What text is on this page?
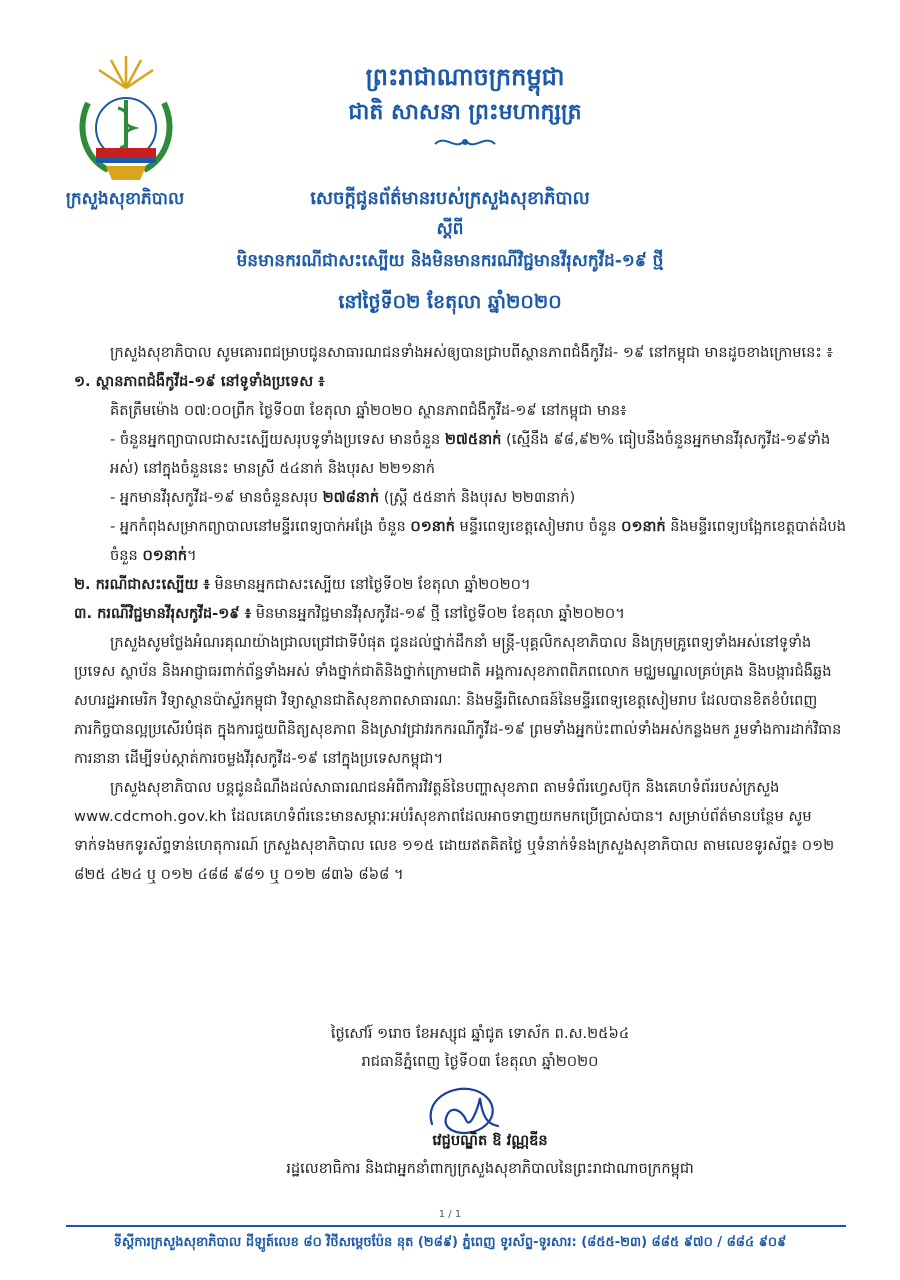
ក្រសួងសុខាភិបាល
ព្រះរាជាណាចក្រកម្ពុជា
ជាតិ សាសនា ព្រះមហាក្សត្រ
សេចក្តីជូនព័ត៌មានរបស់ក្រសួងសុខាភិបាល
ស្តីពី
មិនមានករណីជាសះស្បើយ និងមិនមានករណីវិជ្ជមានវីរុសកូវីដ-១៩ ថ្មី
នៅថ្ងៃទី០២ ខែតុលា ឆ្នាំ២០២០

ក្រសួងសុខាភិបាល សូមគោរពជម្រាបជូនសាធារណជនទាំងអស់ឲ្យបានជ្រាបពីស្ថានភាពជំងឺកូវីដ- ១៩ នៅកម្ពុជា មានដូចខាងក្រោមនេះ ៖

១. ស្ថានភាពជំងឺកូវីដ-១៩ នៅទូទាំងប្រទេស ៖

គិតត្រឹមម៉ោង ០៧:០០ព្រឹក ថ្ងៃទី០៣ ខែតុលា ឆ្នាំ២០២០ ស្ថានភាពជំងឺកូវីដ-១៩ នៅកម្ពុជា មាន៖

- ចំនួនអ្នកព្យាបាលជាសះស្បើយសរុបទូទាំងប្រទេស មានចំនួន ២៧៥នាក់ (ស្មើនឹង ៩៨,៩២% ធៀបនឹងចំនួនអ្នកមានវីរុសកូវីដ-១៩ទាំងអស់) នៅក្នុងចំនួននេះ មានស្រី ៥៤នាក់ និងបុរស ២២១នាក់

- អ្នកមានវីរុសកូវីដ-១៩ មានចំនួនសរុប ២៧៨នាក់ (ស្ត្រី ៥៥នាក់ និងបុរស ២២៣នាក់)

- អ្នកកំពុងសម្រាកព្យាបាលនៅមន្ទីរពេទ្យបាក់អង្រែ ចំនួន ០១នាក់ មន្ទីរពេទ្យខេត្តសៀមរាប ចំនួន ០១នាក់ និងមន្ទីរពេទ្យបង្អែកខេត្តបាត់ដំបង ចំនួន ០១នាក់។

២. ករណីជាសះស្បើយ ៖ មិនមានអ្នកជាសះស្បើយ នៅថ្ងៃទី០២ ខែតុលា ឆ្នាំ២០២០។

៣. ករណីវិជ្ជមានវីរុសកូវីដ-១៩ ៖ មិនមានអ្នកវិជ្ជមានវីរុសកូវីដ-១៩ ថ្មី នៅថ្ងៃទី០២ ខែតុលា ឆ្នាំ២០២០។

ក្រសួងសូមថ្លែងអំណរគុណយ៉ាងជ្រាលជ្រៅជាទីបំផុត ជូនដល់ថ្នាក់ដឹកនាំ មន្ត្រី-បុគ្គលិកសុខាភិបាល និងក្រុមគ្រូពេទ្យទាំងអស់នៅទូទាំងប្រទេស ស្ថាប័ន និងអាជ្ញាធរពាក់ព័ន្ធទាំងអស់ ទាំងថ្នាក់ជាតិនិងថ្នាក់ក្រោមជាតិ អង្គការសុខភាពពិភពលោក មជ្ឈមណ្ឌលគ្រប់គ្រង និងបង្ការជំងឺឆ្លងសហរដ្ឋអាមេរិក វិទ្យាស្ថានប៉ាស្ទ័រកម្ពុជា វិទ្យាស្ថានជាតិសុខភាពសាធារណៈ និងមន្ទីរពិសោធន៍នៃមន្ទីរពេទ្យខេត្តសៀមរាប ដែលបានខិតខំបំពេញភារកិច្ចបានល្អប្រសើរបំផុត ក្នុងការជួយពិនិត្យសុខភាព និងស្រាវជ្រាវរកករណីកូវីដ-១៩ ព្រមទាំងអ្នកប៉ះពាល់ទាំងអស់កន្លងមក រួមទាំងការដាក់វិធានការនានា ដើម្បីទប់ស្កាត់ការចម្លងវីរុសកូវីដ-១៩ នៅក្នុងប្រទេសកម្ពុជា។

ក្រសួងសុខាភិបាល បន្តជូនដំណឹងដល់សាធារណជនអំពីការវិវត្តន៍នៃបញ្ហាសុខភាព តាមទំព័រហ្វេសប៊ុក និងគេហទំព័ររបស់ក្រសួង www.cdcmoh.gov.kh ដែលគេហទំព័រនេះមានសម្ភារៈអប់រំសុខភាពដែលអាចទាញយកមកប្រើប្រាស់បាន។ សម្រាប់ព័ត៌មានបន្ថែម សូមទាក់ទងមកទូរស័ព្ទទាន់ហេតុការណ៍ ក្រសួងសុខាភិបាល លេខ ១១៥ ដោយឥតគិតថ្លៃ ឬទំនាក់ទំនងក្រសួងសុខាភិបាល តាមលេខទូរស័ព្ទ៖ ០១២ ៨២៥ ៤២៤ ឬ ០១២ ៤៨៨ ៩៨១ ឬ ០១២ ៨៣៦ ៨៦៨ ។

ថ្ងៃសៅរ៍ ១រោច ខែអស្សុជ ឆ្នាំជូត ទោស័ក ព.ស.២៥៦៤
រាជធានីភ្នំពេញ ថ្ងៃទី០៣ ខែតុលា ឆ្នាំ២០២០
វេជ្ជបណ្ឌិត ឱ វណ្ណឌីន
រដ្ឋលេខាធិការ និងជាអ្នកនាំពាក្យក្រសួងសុខាភិបាលនៃព្រះរាជាណាចក្រកម្ពុជា
1 / 1
ទីស្តីការក្រសួងសុខាភិបាល ដីឡូត៍លេខ ៨០ វិថីសម្តេចប៉ែន នុត (២៨៩) ភ្នំពេញ ទូរស័ព្ទ-ទូរសារ: (៨៥៥-២៣) ៨៨៥ ៩៧០ / ៨៨៤ ៩០៩
